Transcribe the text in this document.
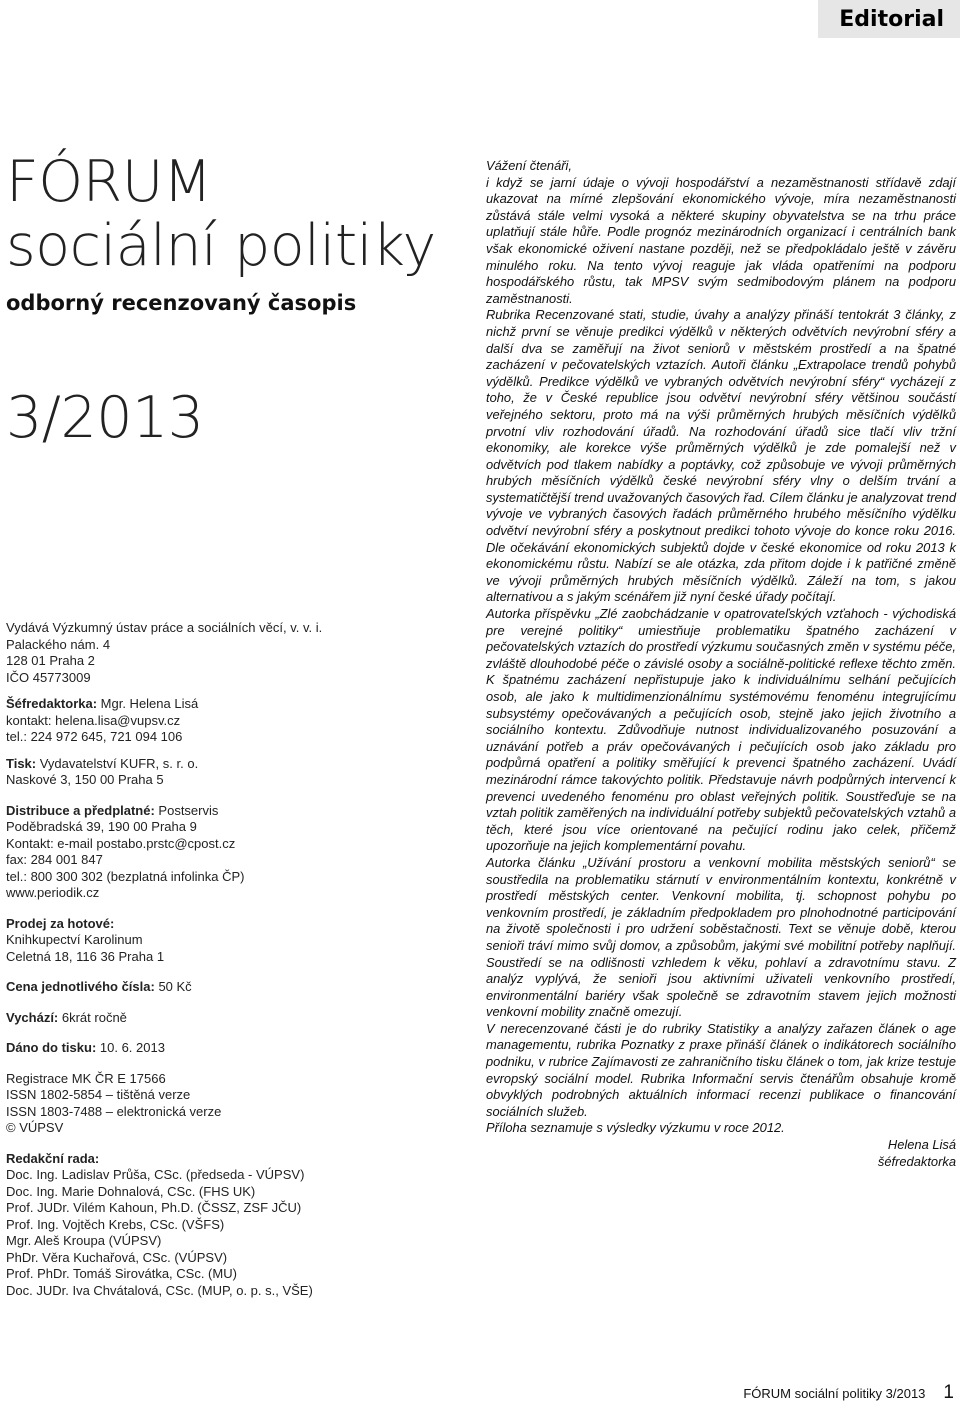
Editorial
FÓRUM
sociální politiky

odborný recenzovaný časopis

3/2013

Vydává Výzkumný ústav práce a sociálních věcí, v. v. i.

Palackého nám. 4

128 01 Praha 2

IČO 45773009

Šéfredaktorka: Mgr. Helena Lisá

kontakt: helena.lisa@vupsv.cz

tel.: 224 972 645, 721 094 106

Tisk: Vydavatelství KUFR, s. r. o.

Naskové 3, 150 00 Praha 5

Distribuce a předplatné: Postservis

Poděbradská 39, 190 00 Praha 9

Kontakt: e-mail postabo.prstc@cpost.cz

fax: 284 001 847

tel.: 800 300 302 (bezplatná infolinka ČP)

www.periodik.cz

Prodej za hotové:

Knihkupectví Karolinum

Celetná 18, 116 36 Praha 1

Cena jednotlivého čísla: 50 Kč

Vychází: 6krát ročně

Dáno do tisku: 10. 6. 2013

Registrace MK ČR E 17566

ISSN 1802-5854 – tištěná verze

ISSN 1803-7488 – elektronická verze

© VÚPSV

Redakční rada:

Doc. Ing. Ladislav Průša, CSc. (předseda - VÚPSV)

Doc. Ing. Marie Dohnalová, CSc. (FHS UK)

Prof. JUDr. Vilém Kahoun, Ph.D. (ČSSZ, ZSF JČU)

Prof. Ing. Vojtěch Krebs, CSc. (VŠFS)

Mgr. Aleš Kroupa (VÚPSV)

PhDr. Věra Kuchařová, CSc. (VÚPSV)

Prof. PhDr. Tomáš Sirovátka, CSc. (MU)

Doc. JUDr. Iva Chvátalová, CSc. (MUP, o. p. s., VŠE)

Vážení čtenáři,

i když se jarní údaje o vývoji hospodářství a nezaměstnanosti střídavě zdají ukazovat na mírné zlepšování ekonomického vývoje, míra nezaměstnanosti zůstává stále velmi vysoká a některé skupiny obyvatelstva se na trhu práce uplatňují stále hůře. Podle prognóz mezinárodních organizací i centrálních bank však ekonomické oživení nastane později, než se předpokládalo ještě v závěru minulého roku. Na tento vývoj reaguje jak vláda opatřeními na podporu hospodářského růstu, tak MPSV svým sedmibodovým plánem na podporu zaměstnanosti.

Rubrika Recenzované stati, studie, úvahy a analýzy přináší tentokrát 3 články, z nichž první se věnuje predikci výdělků v některých odvětvích nevýrobní sféry a další dva se zaměřují na život seniorů v městském prostředí a na špatné zacházení v pečovatelských vztazích. Autoři článku „Extrapolace trendů pohybů výdělků. Predikce výdělků ve vybraných odvětvích nevýrobní sféry“ vycházejí z toho, že v České republice jsou odvětví nevýrobní sféry většinou součástí veřejného sektoru, proto má na výši průměrných hrubých měsíčních výdělků prvotní vliv rozhodování úřadů. Na rozhodování úřadů sice tlačí vliv tržní ekonomiky, ale korekce výše průměrných výdělků je zde pomalejší než v odvětvích pod tlakem nabídky a poptávky, což způsobuje ve vývoji průměrných hrubých měsíčních výdělků české nevýrobní sféry vlny o delším trvání a systematičtější trend uvažovaných časových řad. Cílem článku je analyzovat trend vývoje ve vybraných časových řadách průměrného hrubého měsíčního výdělku odvětví nevýrobní sféry a poskytnout predikci tohoto vývoje do konce roku 2016. Dle očekávání ekonomických subjektů dojde v české ekonomice od roku 2013 k ekonomickému růstu. Nabízí se ale otázka, zda přitom dojde i k patřičné změně ve vývoji průměrných hrubých měsíčních výdělků. Záleží na tom, s jakou alternativou a s jakým scénářem již nyní české úřady počítají.

Autorka příspěvku „Zlé zaobchádzanie v opatrovateľských vzťahoch - východiská pre verejné politiky“ umiestňuje problematiku špatného zacházení v pečovatelských vztazích do prostředí výzkumu současných změn v systému péče, zvláště dlouhodobé péče o závislé osoby a sociálně-politické reflexe těchto změn. K špatnému zacházení nepřistupuje jako k individuálnímu selhání pečujících osob, ale jako k multidimenzionálnímu systémovému fenoménu integrujícímu subsystémy opečovávaných a pečujících osob, stejně jako jejich životního a sociálního kontextu. Zdůvodňuje nutnost individualizovaného posuzování a uznávání potřeb a práv opečovávaných i pečujících osob jako základu pro podpůrná opatření a politiky směřující k prevenci špatného zacházení. Uvádí mezinárodní rámce takovýchto politik. Představuje návrh podpůrných intervencí k prevenci uvedeného fenoménu pro oblast veřejných politik. Soustřeďuje se na vztah politik zaměřených na individuální potřeby subjektů pečovatelských vztahů a těch, které jsou více orientované na pečující rodinu jako celek, přičemž upozorňuje na jejich komplementární povahu.

Autorka článku „Užívání prostoru a venkovní mobilita městských seniorů“ se soustředila na problematiku stárnutí v environmentálním kontextu, konkrétně v prostředí městských center. Venkovní mobilita, tj. schopnost pohybu po venkovním prostředí, je základním předpokladem pro plnohodnotné participování na životě společnosti i pro udržení soběstačnosti. Text se věnuje době, kterou senioři tráví mimo svůj domov, a způsobům, jakými své mobilitní potřeby naplňují. Soustředí se na odlišnosti vzhledem k věku, pohlaví a zdravotnímu stavu. Z analýz vyplývá, že senioři jsou aktivními uživateli venkovního prostředí, environmentální bariéry však společně se zdravotním stavem jejich možnosti venkovní mobility značně omezují.

V nerecenzované části je do rubriky Statistiky a analýzy zařazen článek o age managementu, rubrika Poznatky z praxe přináší článek o indikátorech sociálního podniku, v rubrice Zajímavosti ze zahraničního tisku článek o tom, jak krize testuje evropský sociální model. Rubrika Informační servis čtenářům obsahuje kromě obvyklých podrobných aktuálních informací recenzi publikace o financování sociálních služeb.

Příloha seznamuje s výsledky výzkumu v roce 2012.

Helena Lisá

šéfredaktorka

FÓRUM sociální politiky 3/2013 1
